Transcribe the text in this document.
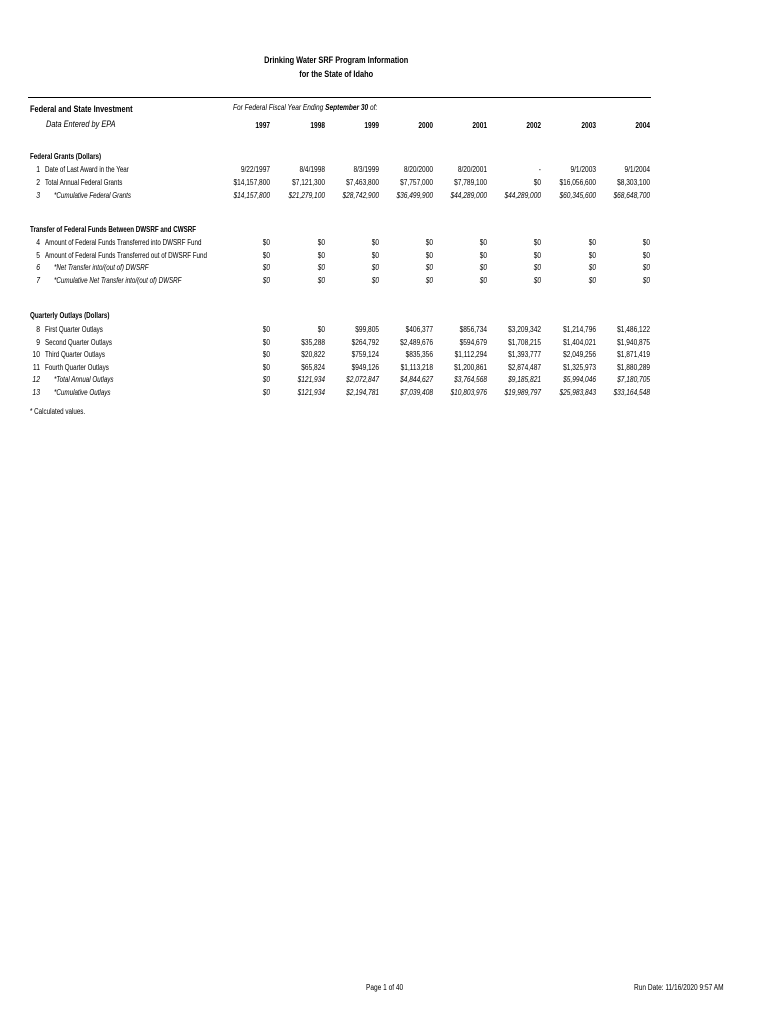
Drinking Water SRF Program Information
for the State of Idaho
Federal and State Investment
Data Entered by EPA
For Federal Fiscal Year Ending September 30 of:
1997	1998	1999	2000	2001	2002	2003	2004
Federal Grants (Dollars)
1 Date of Last Award in the Year	9/22/1997	8/4/1998	8/3/1999	8/20/2000	8/20/2001	-	9/1/2003	9/1/2004
2 Total Annual Federal Grants	$14,157,800	$7,121,300	$7,463,800	$7,757,000	$7,789,100	$0	$16,056,600	$8,303,100
3 *Cumulative Federal Grants	$14,157,800	$21,279,100	$28,742,900	$36,499,900	$44,289,000	$44,289,000	$60,345,600	$68,648,700
Transfer of Federal Funds Between DWSRF and CWSRF
4 Amount of Federal Funds Transferred into DWSRF Fund	$0	$0	$0	$0	$0	$0	$0	$0
5 Amount of Federal Funds Transferred out of DWSRF Fund	$0	$0	$0	$0	$0	$0	$0	$0
6 *Net Transfer into/(out of) DWSRF	$0	$0	$0	$0	$0	$0	$0	$0
7 *Cumulative Net Transfer into/(out of) DWSRF	$0	$0	$0	$0	$0	$0	$0	$0
Quarterly Outlays (Dollars)
8 First Quarter Outlays	$0	$0	$99,805	$406,377	$856,734	$3,209,342	$1,214,796	$1,486,122
9 Second Quarter Outlays	$0	$35,288	$264,792	$2,489,676	$594,679	$1,708,215	$1,404,021	$1,940,875
10 Third Quarter Outlays	$0	$20,822	$759,124	$835,356	$1,112,294	$1,393,777	$2,049,256	$1,871,419
11 Fourth Quarter Outlays	$0	$65,824	$949,126	$1,113,218	$1,200,861	$2,874,487	$1,325,973	$1,880,289
12 *Total Annual Outlays	$0	$121,934	$2,072,847	$4,844,627	$3,764,568	$9,185,821	$5,994,046	$7,180,705
13 *Cumulative Outlays	$0	$121,934	$2,194,781	$7,039,408	$10,803,976	$19,989,797	$25,983,843	$33,164,548
* Calculated values.
Page 1 of 40	Run Date: 11/16/2020 9:57 AM
